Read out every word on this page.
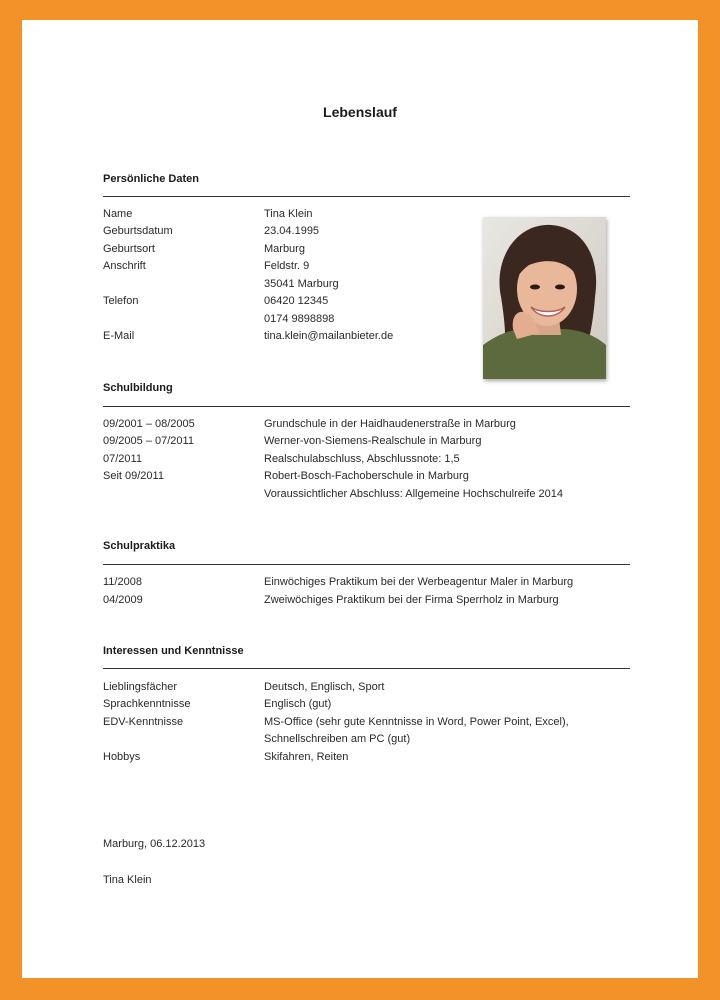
Lebenslauf
Persönliche Daten
Name	Tina Klein
Geburtsdatum	23.04.1995
Geburtsort	Marburg
Anschrift	Feldstr. 9
35041 Marburg
Telefon	06420 12345
0174 9898898
E-Mail	tina.klein@mailanbieter.de
Schulbildung
09/2001 – 08/2005	Grundschule in der Haidhaudenerstraße in Marburg
09/2005 – 07/2011	Werner-von-Siemens-Realschule in Marburg
07/2011	Realschulabschluss, Abschlussnote: 1,5
Seit 09/2011	Robert-Bosch-Fachoberschule in Marburg
Voraussichtlicher Abschluss: Allgemeine Hochschulreife 2014
Schulpraktika
11/2008	Einwöchiges Praktikum bei der Werbeagentur Maler in Marburg
04/2009	Zweiwöchiges Praktikum bei der Firma Sperrholz in Marburg
Interessen und Kenntnisse
Lieblingsfächer	Deutsch, Englisch, Sport
Sprachkenntnisse	Englisch (gut)
EDV-Kenntnisse	MS-Office (sehr gute Kenntnisse in Word, Power Point, Excel),
Schnellschreiben am PC (gut)
Hobbys	Skifahren, Reiten
Marburg, 06.12.2013
Tina Klein
